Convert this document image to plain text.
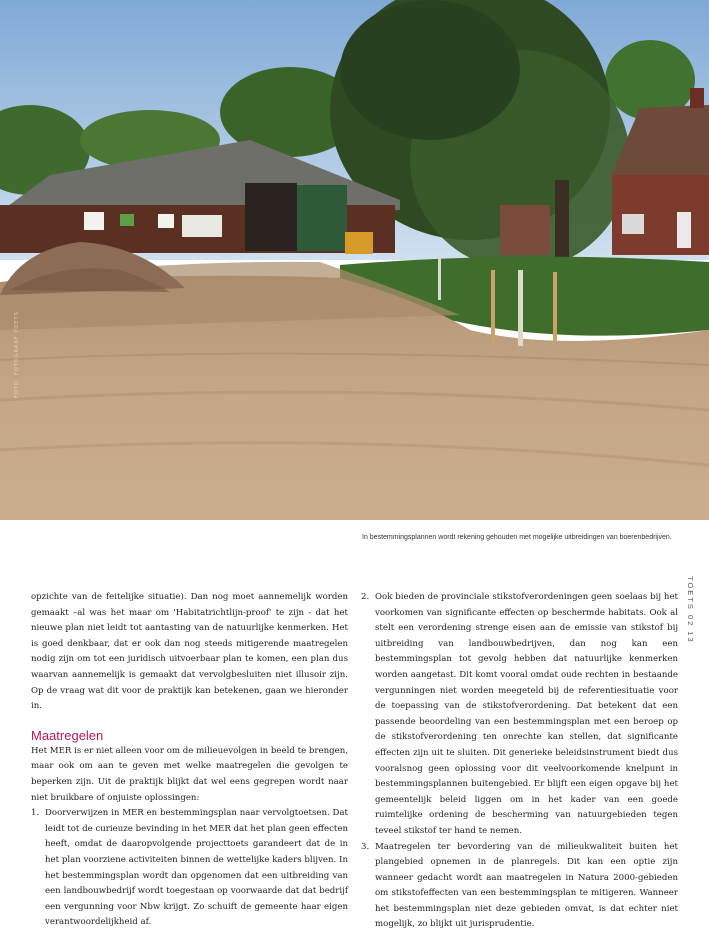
FOTO: FOTOGRAAF TOETS
In bestemmingsplannen wordt rekening gehouden met mogelijke uitbreidingen van boerenbedrijven.
TOETS 02 13

opzichte van de feitelijke situatie). Dan nog moet aannemelijk worden gemaakt –al was het maar om 'Habitatrichtlijn-proof' te zijn - dat het nieuwe plan niet leidt tot aantasting van de natuurlijke kenmerken. Het is goed denkbaar, dat er ook dan nog steeds mitigerende maatregelen nodig zijn om tot een juridisch uitvoerbaar plan te komen, een plan dus waarvan aannemelijk is gemaakt dat vervolgbesluiten niet illusoir zijn. Op de vraag wat dit voor de praktijk kan betekenen, gaan we hieronder in.

Maatregelen

Het MER is er niet alleen voor om de milieuevolgen in beeld te brengen, maar ook om aan te geven met welke maatregelen die gevolgen te beperken zijn. Uit de praktijk blijkt dat wel eens gegrepen wordt naar niet bruikbare of onjuiste oplossingen:

1. Doorverwijzen in MER en bestemmingsplan naar vervolgtoetsen. Dat leidt tot de curieuze bevinding in het MER dat het plan geen effecten heeft, omdat de daaropvolgende projecttoets garandeert dat de in het plan voorziene activiteiten binnen de wettelijke kaders blijven. In het bestemmingsplan wordt dan opgenomen dat een uitbreiding van een landbouwbedrijf wordt toegestaan op voorwaarde dat dat bedrijf een vergunning voor Nbw krijgt. Zo schuift de gemeente haar eigen verantwoordelijkheid af.
2. Ook bieden de provinciale stikstofverordeningen geen soelaas bij het voorkomen van significante effecten op beschermde habitats. Ook al stelt een verordening strenge eisen aan de emissie van stikstof bij uitbreiding van landbouwbedrijven, dan nog kan een bestemmingsplan tot gevolg hebben dat natuurlijke kenmerken worden aangetast. Dit komt vooral omdat oude rechten in bestaande vergunningen niet worden meegeteld bij de referentiesituatie voor de toepassing van de stikstofverordening. Dat betekent dat een passende beoordeling van een bestemmingsplan met een beroep op de stikstofverordening ten onrechte kan stellen, dat significante effecten zijn uit te sluiten. Dit generieke beleidsinstrument biedt dus vooralsnog geen oplossing voor dit veelvoorkomende knelpunt in bestemmingsplannen buitengebied. Er blijft een eigen opgave bij het gemeentelijk beleid liggen om in het kader van een goede ruimtelijke ordening de bescherming van natuurgebieden tegen teveel stikstof ter hand te nemen.
3. Maatregelen ter bevordering van de milieukwaliteit buiten het plangebied opnemen in de planregels. Dit kan een optie zijn wanneer gedacht wordt aan maatregelen in Natura 2000-gebieden om stikstofeffecten van een bestemmingsplan te mitigeren. Wanneer het bestemmingsplan niet deze gebieden omvat, is dat echter niet mogelijk, zo blijkt uit jurisprudentie.
